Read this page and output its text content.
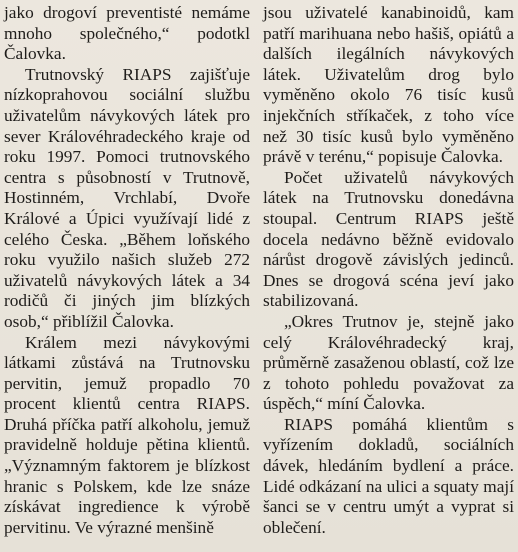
jako drogoví preventisté nemáme mnoho společného,“ podotkl Čalovka.

Trutnovský RIAPS zajišťuje nízkoprahovou sociální službu uživatelům návykových látek pro sever Královéhradeckého kraje od roku 1997. Pomoci trutnovského centra s působností v Trutnově, Hostinném, Vrchlabí, Dvoře Králové a Úpici využívají lidé z celého Česka. „Během loňského roku využilo našich služeb 272 uživatelů návykových látek a 34 rodičů či jiných jim blízkých osob,“ přiblížil Čalovka.

Králem mezi návykovými látkami zůstává na Trutnovsku pervitin, jemuž propadlo 70 procent klientů centra RIAPS. Druhá příčka patří alkoholu, jemuž pravidelně holduje pětina klientů. „Významným faktorem je blízkost hranic s Polskem, kde lze snáze získávat ingredience k výrobě pervitinu. Ve výrazné menšině

jsou uživatelé kanabinoidů, kam patří marihuana nebo hašiš, opiátů a dalších ilegálních návykových látek. Uživatelům drog bylo vyměněno okolo 76 tisíc kusů injekčních stříkaček, z toho více než 30 tisíc kusů bylo vyměněno právě v terénu,“ popisuje Čalovka.

Počet uživatelů návykových látek na Trutnovsku donedávna stoupal. Centrum RIAPS ještě docela nedávno běžně evidovalo nárůst drogově závislých jedinců. Dnes se drogová scéna jeví jako stabilizovaná.

„Okres Trutnov je, stejně jako celý Královéhradecký kraj, průměrně zasaženou oblastí, což lze z tohoto pohledu považovat za úspěch,“ míní Čalovka.

RIAPS pomáhá klientům s vyřízením dokladů, sociálních dávek, hledáním bydlení a práce. Lidé odkázaní na ulici a squaty mají šanci se v centru umýt a vyprat si oblečení.
